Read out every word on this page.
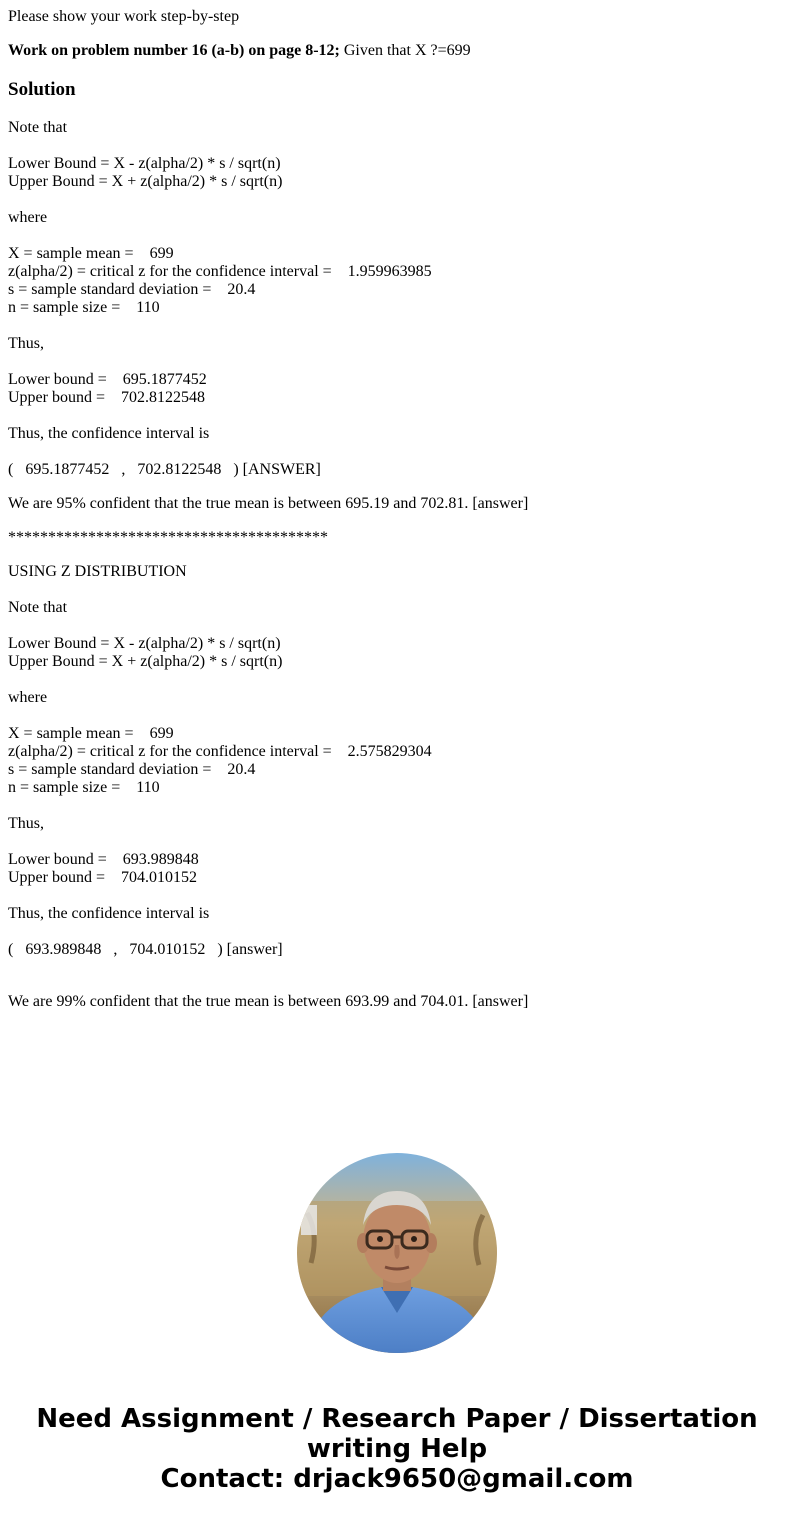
Please show your work step-by-step
Work on problem number 16 (a-b) on page 8-12; Given that X ?=699
Solution
Note that
Lower Bound = X - z(alpha/2) * s / sqrt(n)
Upper Bound = X + z(alpha/2) * s / sqrt(n)
where
X = sample mean =    699
z(alpha/2) = critical z for the confidence interval =    1.959963985
s = sample standard deviation =    20.4
n = sample size =    110
Thus,
Lower bound =    695.1877452
Upper bound =    702.8122548
Thus, the confidence interval is
(   695.1877452   ,   702.8122548   ) [ANSWER]
We are 95% confident that the true mean is between 695.19 and 702.81. [answer]
****************************************
USING Z DISTRIBUTION
Note that
Lower Bound = X - z(alpha/2) * s / sqrt(n)
Upper Bound = X + z(alpha/2) * s / sqrt(n)
where
X = sample mean =    699
z(alpha/2) = critical z for the confidence interval =    2.575829304
s = sample standard deviation =    20.4
n = sample size =    110
Thus,
Lower bound =    693.989848
Upper bound =    704.010152
Thus, the confidence interval is
(   693.989848   ,   704.010152   ) [answer]
We are 99% confident that the true mean is between 693.99 and 704.01. [answer]
Need Assignment / Research Paper / Dissertation
writing Help
Contact: drjack9650@gmail.com
